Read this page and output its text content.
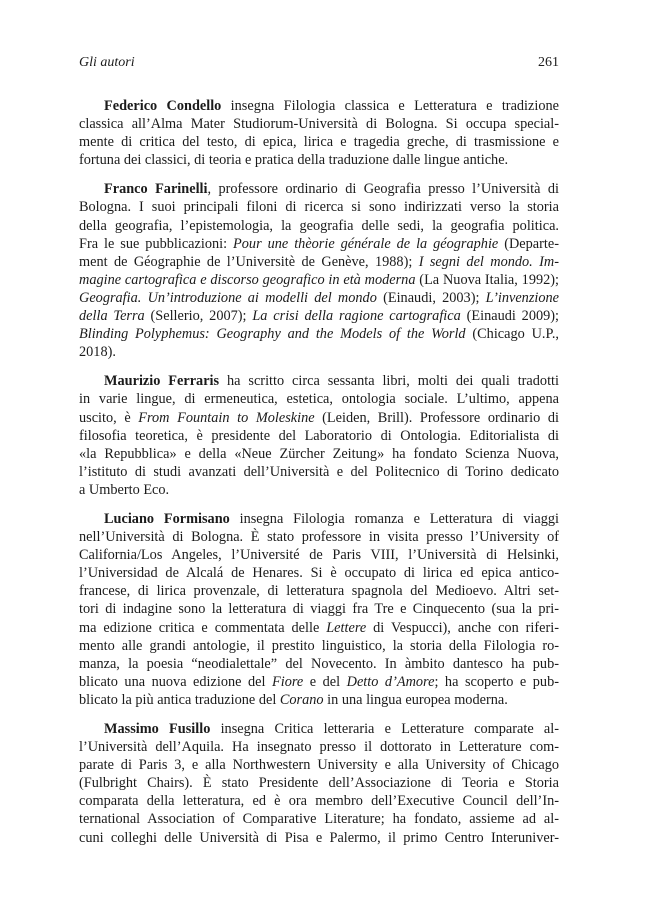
Gli autori	261
Federico Condello insegna Filologia classica e Letteratura e tradizione
classica all’Alma Mater Studiorum-Università di Bologna. Si occupa special-
mente di critica del testo, di epica, lirica e tragedia greche, di trasmissione e
fortuna dei classici, di teoria e pratica della traduzione dalle lingue antiche.
Franco Farinelli, professore ordinario di Geografia presso l’Università di
Bologna. I suoi principali filoni di ricerca si sono indirizzati verso la storia
della geografia, l’epistemologia, la geografia delle sedi, la geografia politica.
Fra le sue pubblicazioni: Pour une thèorie générale de la géographie (Departe-
ment de Géographie de l’Universitè de Genève, 1988); I segni del mondo. Im-
magine cartografica e discorso geografico in età moderna (La Nuova Italia, 1992);
Geografia. Un’introduzione ai modelli del mondo (Einaudi, 2003); L’invenzione
della Terra (Sellerio, 2007); La crisi della ragione cartografica (Einaudi 2009);
Blinding Polyphemus: Geography and the Models of the World (Chicago U.P.,
2018).
Maurizio Ferraris ha scritto circa sessanta libri, molti dei quali tradotti
in varie lingue, di ermeneutica, estetica, ontologia sociale. L’ultimo, appena
uscito, è From Fountain to Moleskine (Leiden, Brill). Professore ordinario di
filosofia teoretica, è presidente del Laboratorio di Ontologia. Editorialista di
«la Repubblica» e della «Neue Zürcher Zeitung» ha fondato Scienza Nuova,
l’istituto di studi avanzati dell’Università e del Politecnico di Torino dedicato
a Umberto Eco.
Luciano Formisano insegna Filologia romanza e Letteratura di viaggi
nell’Università di Bologna. È stato professore in visita presso l’University of
California/Los Angeles, l’Université de Paris VIII, l’Università di Helsinki,
l’Universidad de Alcalá de Henares. Si è occupato di lirica ed epica antico-
francese, di lirica provenzale, di letteratura spagnola del Medioevo. Altri set-
tori di indagine sono la letteratura di viaggi fra Tre e Cinquecento (sua la pri-
ma edizione critica e commentata delle Lettere di Vespucci), anche con riferi-
mento alle grandi antologie, il prestito linguistico, la storia della Filologia ro-
manza, la poesia “neodialettale” del Novecento. In àmbito dantesco ha pub-
blicato una nuova edizione del Fiore e del Detto d’Amore; ha scoperto e pub-
blicato la più antica traduzione del Corano in una lingua europea moderna.
Massimo Fusillo insegna Critica letteraria e Letterature comparate al-
l’Università dell’Aquila. Ha insegnato presso il dottorato in Letterature com-
parate di Paris 3, e alla Northwestern University e alla University of Chicago
(Fulbright Chairs). È stato Presidente dell’Associazione di Teoria e Storia
comparata della letteratura, ed è ora membro dell’Executive Council dell’In-
ternational Association of Comparative Literature; ha fondato, assieme ad al-
cuni colleghi delle Università di Pisa e Palermo, il primo Centro Interuniver-
